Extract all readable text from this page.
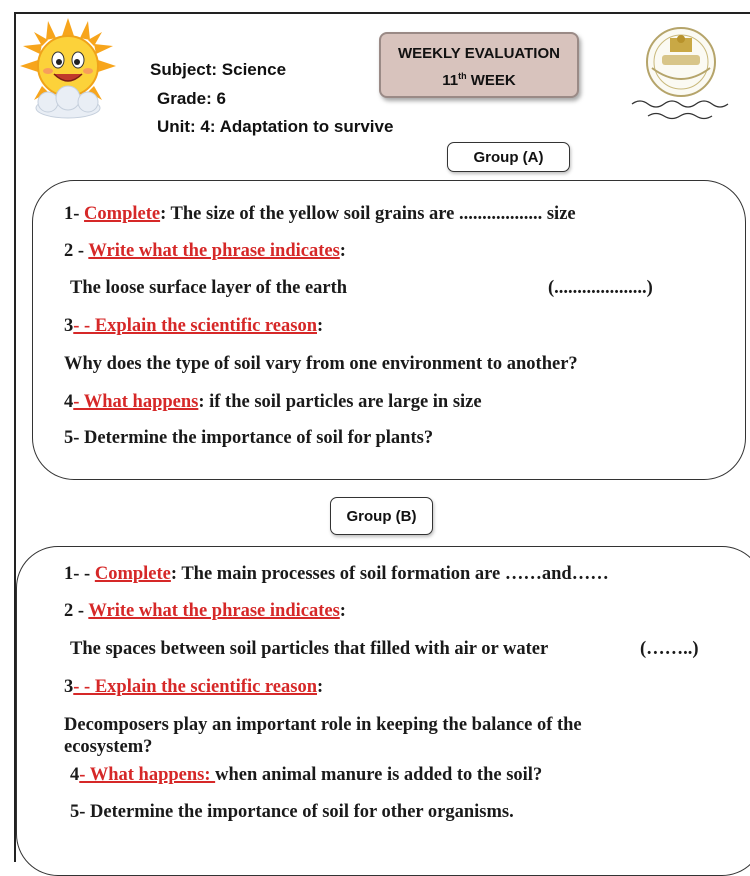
Subject: Science
Grade: 6
Unit: 4: Adaptation to survive
WEEKLY EVALUATION
11th WEEK
Group (A)
1- Complete: The size of the yellow soil grains are .................. size
2 - Write what the phrase indicates:
The loose surface layer of the earth	(....................)
3- - Explain the scientific reason:
Why does the type of soil vary from one environment to another?
4- What happens: if the soil particles are large in size
5- Determine the importance of soil for plants?
Group (B)
1- - Complete: The main processes of soil formation are ……and……
2 - Write what the phrase indicates:
The spaces between soil particles that filled with air or water	(……..)
3- - Explain the scientific reason:
Decomposers play an important role in keeping the balance of the
ecosystem?
4- What happens: when animal manure is added to the soil?
5- Determine the importance of soil for other organisms.
